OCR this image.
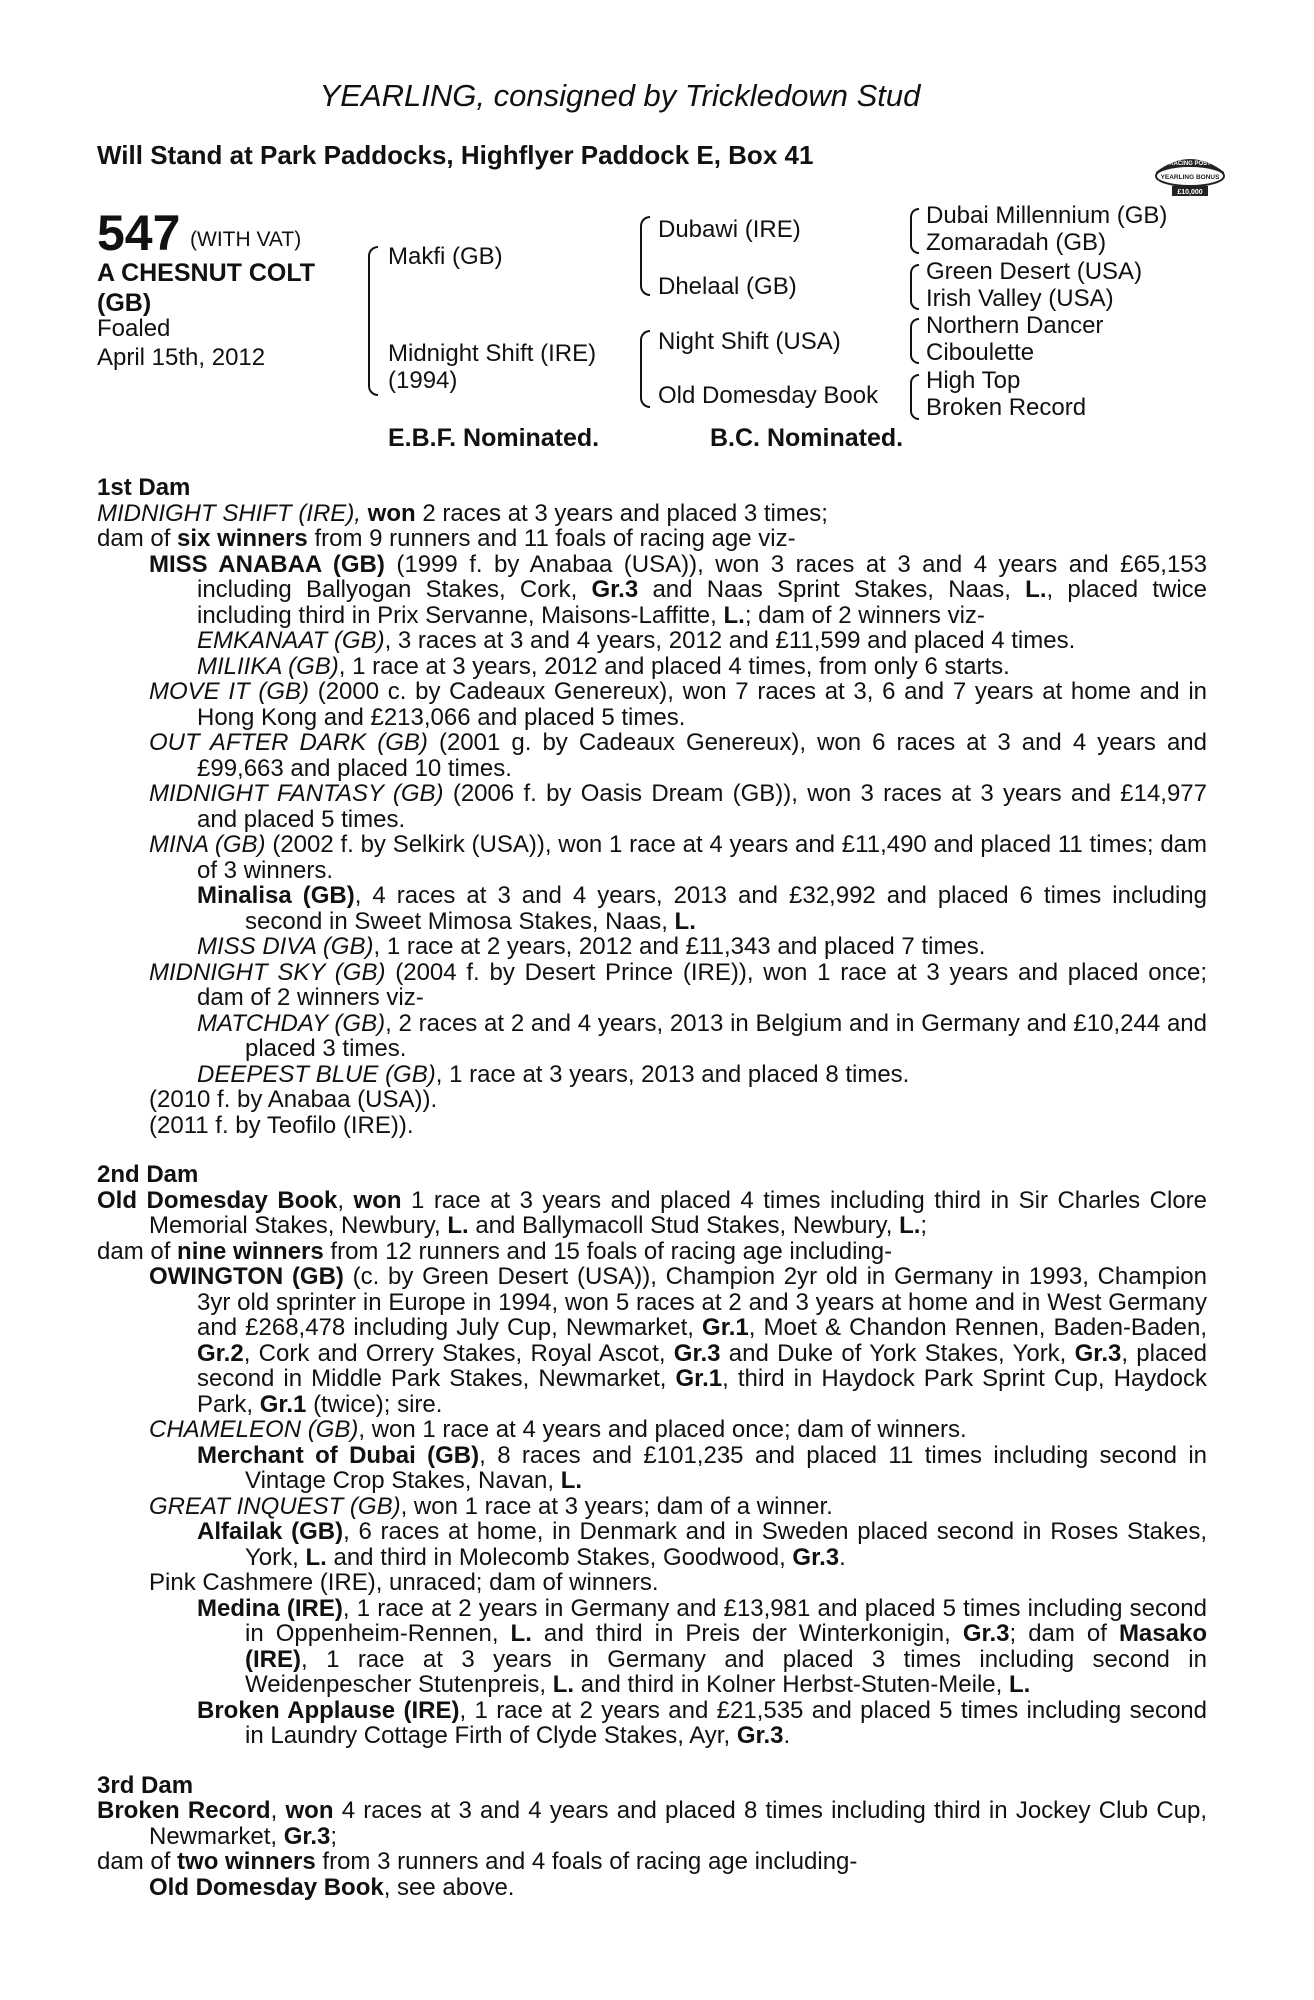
YEARLING, consigned by Trickledown Stud
Will Stand at Park Paddocks, Highflyer Paddock E, Box 41	RACING POST
YEARLING BONUS
£10,000
547 (WITH VAT)
A CHESNUT COLT
(GB)
Foaled
April 15th, 2012
Makfi (GB)
Midnight Shift (IRE)
(1994)
Dubawi (IRE)
Dhelaal (GB)
Night Shift (USA)
Old Domesday Book
Dubai Millennium (GB)
Zomaradah (GB)
Green Desert (USA)
Irish Valley (USA)
Northern Dancer
Ciboulette
High Top
Broken Record
E.B.F. Nominated.	B.C. Nominated.

1st Dam

MIDNIGHT SHIFT (IRE), won 2 races at 3 years and placed 3 times;

dam of six winners from 9 runners and 11 foals of racing age viz-

MISS ANABAA (GB) (1999 f. by Anabaa (USA)), won 3 races at 3 and 4 years and £65,153 including Ballyogan Stakes, Cork, Gr.3 and Naas Sprint Stakes, Naas, L., placed twice including third in Prix Servanne, Maisons-Laffitte, L.; dam of 2 winners viz-

EMKANAAT (GB), 3 races at 3 and 4 years, 2012 and £11,599 and placed 4 times.

MILIIKA (GB), 1 race at 3 years, 2012 and placed 4 times, from only 6 starts.

MOVE IT (GB) (2000 c. by Cadeaux Genereux), won 7 races at 3, 6 and 7 years at home and in Hong Kong and £213,066 and placed 5 times.

OUT AFTER DARK (GB) (2001 g. by Cadeaux Genereux), won 6 races at 3 and 4 years and £99,663 and placed 10 times.

MIDNIGHT FANTASY (GB) (2006 f. by Oasis Dream (GB)), won 3 races at 3 years and £14,977 and placed 5 times.

MINA (GB) (2002 f. by Selkirk (USA)), won 1 race at 4 years and £11,490 and placed 11 times; dam of 3 winners.

Minalisa (GB), 4 races at 3 and 4 years, 2013 and £32,992 and placed 6 times including second in Sweet Mimosa Stakes, Naas, L.

MISS DIVA (GB), 1 race at 2 years, 2012 and £11,343 and placed 7 times.

MIDNIGHT SKY (GB) (2004 f. by Desert Prince (IRE)), won 1 race at 3 years and placed once; dam of 2 winners viz-

MATCHDAY (GB), 2 races at 2 and 4 years, 2013 in Belgium and in Germany and £10,244 and placed 3 times.

DEEPEST BLUE (GB), 1 race at 3 years, 2013 and placed 8 times.

(2010 f. by Anabaa (USA)).

(2011 f. by Teofilo (IRE)).

2nd Dam

Old Domesday Book, won 1 race at 3 years and placed 4 times including third in Sir Charles Clore Memorial Stakes, Newbury, L. and Ballymacoll Stud Stakes, Newbury, L.;

dam of nine winners from 12 runners and 15 foals of racing age including-

OWINGTON (GB) (c. by Green Desert (USA)), Champion 2yr old in Germany in 1993, Champion 3yr old sprinter in Europe in 1994, won 5 races at 2 and 3 years at home and in West Germany and £268,478 including July Cup, Newmarket, Gr.1, Moet & Chandon Rennen, Baden-Baden, Gr.2, Cork and Orrery Stakes, Royal Ascot, Gr.3 and Duke of York Stakes, York, Gr.3, placed second in Middle Park Stakes, Newmarket, Gr.1, third in Haydock Park Sprint Cup, Haydock Park, Gr.1 (twice); sire.

CHAMELEON (GB), won 1 race at 4 years and placed once; dam of winners.

Merchant of Dubai (GB), 8 races and £101,235 and placed 11 times including second in Vintage Crop Stakes, Navan, L.

GREAT INQUEST (GB), won 1 race at 3 years; dam of a winner.

Alfailak (GB), 6 races at home, in Denmark and in Sweden placed second in Roses Stakes, York, L. and third in Molecomb Stakes, Goodwood, Gr.3.

Pink Cashmere (IRE), unraced; dam of winners.

Medina (IRE), 1 race at 2 years in Germany and £13,981 and placed 5 times including second in Oppenheim-Rennen, L. and third in Preis der Winterkonigin, Gr.3; dam of Masako (IRE), 1 race at 3 years in Germany and placed 3 times including second in Weidenpescher Stutenpreis, L. and third in Kolner Herbst-Stuten-Meile, L.

Broken Applause (IRE), 1 race at 2 years and £21,535 and placed 5 times including second in Laundry Cottage Firth of Clyde Stakes, Ayr, Gr.3.

3rd Dam

Broken Record, won 4 races at 3 and 4 years and placed 8 times including third in Jockey Club Cup, Newmarket, Gr.3;

dam of two winners from 3 runners and 4 foals of racing age including-

Old Domesday Book, see above.
